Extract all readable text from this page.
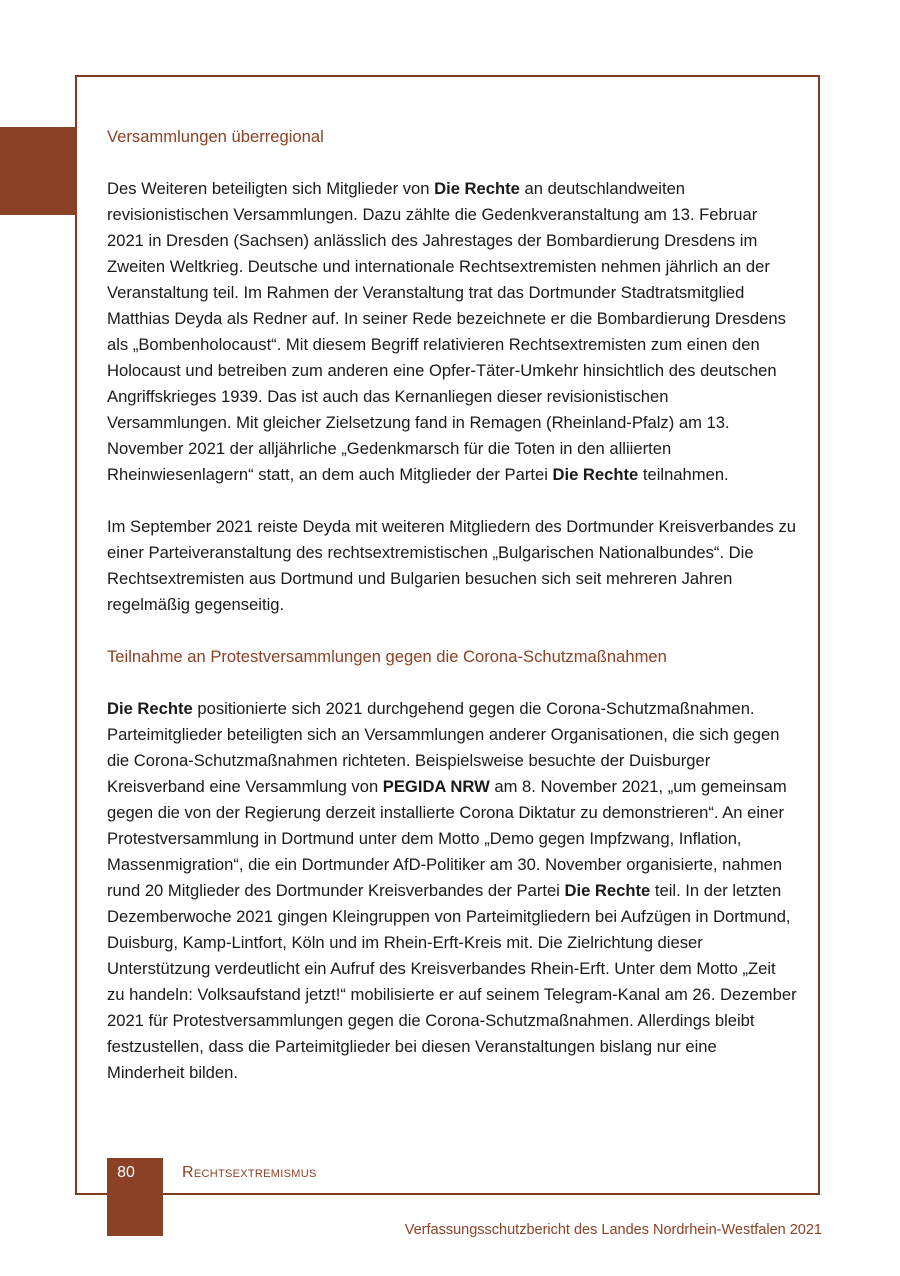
Versammlungen überregional

Des Weiteren beteiligten sich Mitglieder von Die Rechte an deutschlandweiten revisionistischen Versammlungen. Dazu zählte die Gedenkveranstaltung am 13. Februar 2021 in Dresden (Sachsen) anlässlich des Jahrestages der Bombardierung Dresdens im Zweiten Weltkrieg. Deutsche und internationale Rechtsextremisten nehmen jährlich an der Veranstaltung teil. Im Rahmen der Veranstaltung trat das Dortmunder Stadtratsmitglied Matthias Deyda als Redner auf. In seiner Rede bezeichnete er die Bombardierung Dresdens als „Bombenholocaust“. Mit diesem Begriff relativieren Rechtsextremisten zum einen den Holocaust und betreiben zum anderen eine Opfer-Täter-Umkehr hinsichtlich des deutschen Angriffskrieges 1939. Das ist auch das Kernanliegen dieser revisionistischen Versammlungen. Mit gleicher Zielsetzung fand in Remagen (Rheinland-Pfalz) am 13. November 2021 der alljährliche „Gedenkmarsch für die Toten in den alliierten Rheinwiesenlagern“ statt, an dem auch Mitglieder der Partei Die Rechte teilnahmen.

Im September 2021 reiste Deyda mit weiteren Mitgliedern des Dortmunder Kreisverbandes zu einer Parteiveranstaltung des rechtsextremistischen „Bulgarischen Nationalbundes“. Die Rechtsextremisten aus Dortmund und Bulgarien besuchen sich seit mehreren Jahren regelmäßig gegenseitig.

Teilnahme an Protestversammlungen gegen die Corona-Schutzmaßnahmen

Die Rechte positionierte sich 2021 durchgehend gegen die Corona-Schutzmaßnahmen. Parteimitglieder beteiligten sich an Versammlungen anderer Organisationen, die sich gegen die Corona-Schutzmaßnahmen richteten. Beispielsweise besuchte der Duisburger Kreisverband eine Versammlung von PEGIDA NRW am 8. November 2021, „um gemeinsam gegen die von der Regierung derzeit installierte Corona Diktatur zu demonstrieren“. An einer Protestversammlung in Dortmund unter dem Motto „Demo gegen Impfzwang, Inflation, Massenmigration“, die ein Dortmunder AfD-Politiker am 30. November organisierte, nahmen rund 20 Mitglieder des Dortmunder Kreisverbandes der Partei Die Rechte teil. In der letzten Dezemberwoche 2021 gingen Kleingruppen von Parteimitgliedern bei Aufzügen in Dortmund, Duisburg, Kamp-Lintfort, Köln und im Rhein-Erft-Kreis mit. Die Zielrichtung dieser Unterstützung verdeutlicht ein Aufruf des Kreisverbandes Rhein-Erft. Unter dem Motto „Zeit zu handeln: Volksaufstand jetzt!“ mobilisierte er auf seinem Telegram-Kanal am 26. Dezember 2021 für Protestversammlungen gegen die Corona-Schutzmaßnahmen. Allerdings bleibt festzustellen, dass die Parteimitglieder bei diesen Veranstaltungen bislang nur eine Minderheit bilden.

80	Rechtsextremismus
Verfassungsschutzbericht des Landes Nordrhein-Westfalen 2021
